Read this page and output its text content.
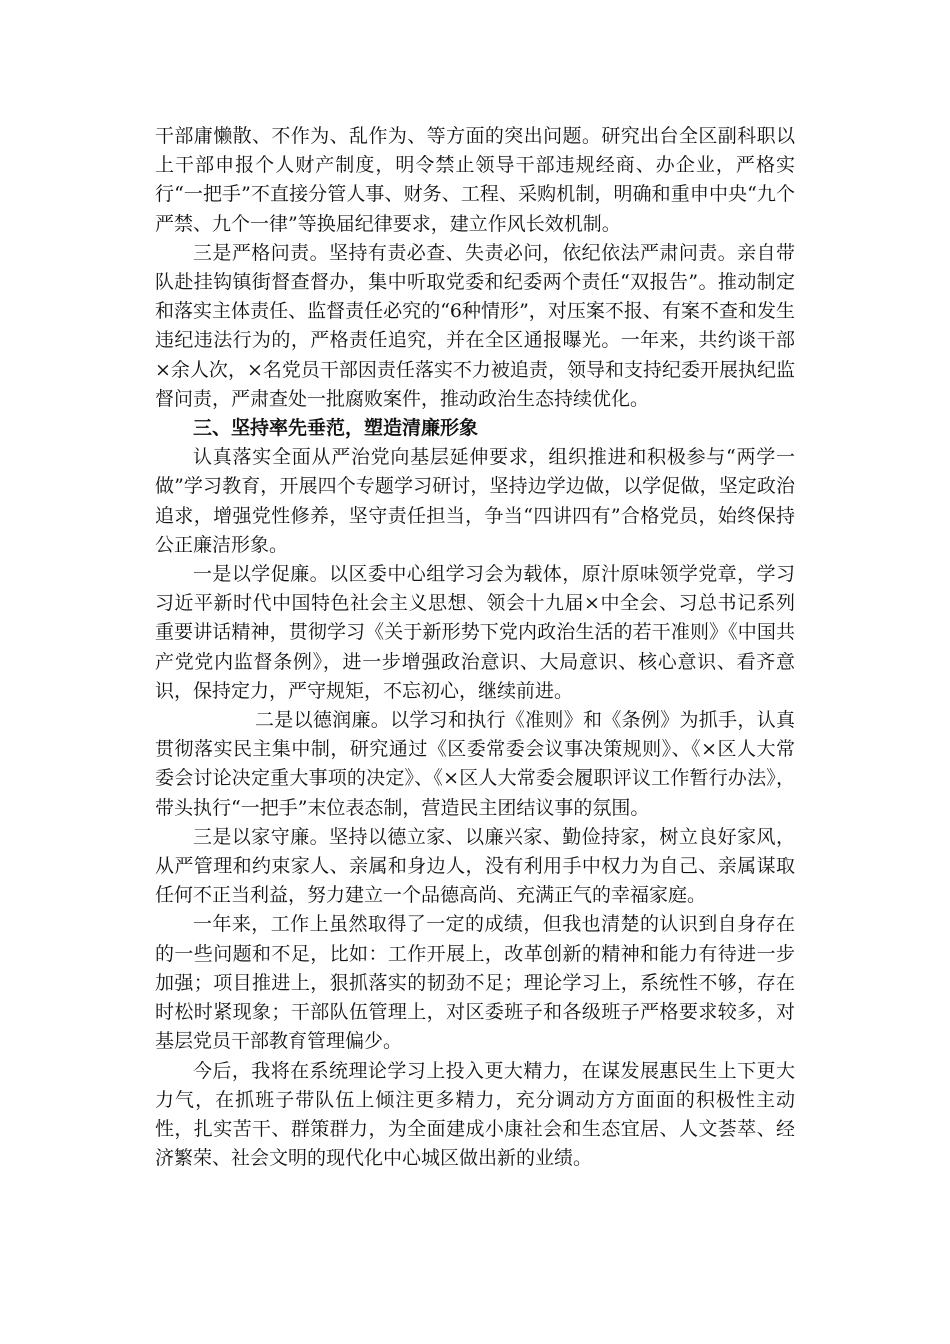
干部庸懒散、不作为、乱作为、等方面的突出问题。研究出台全区副科职以上干部申报个人财产制度，明令禁止领导干部违规经商、办企业，严格实行“一把手”不直接分管人事、财务、工程、采购机制，明确和重申中央“九个严禁、九个一律”等换届纪律要求，建立作风长效机制。

三是严格问责。坚持有责必查、失责必问，依纪依法严肃问责。亲自带队赴挂钩镇街督查督办，集中听取党委和纪委两个责任“双报告”。推动制定和落实主体责任、监督责任必究的“6种情形”，对压案不报、有案不查和发生违纪违法行为的，严格责任追究，并在全区通报曝光。一年来，共约谈干部×余人次，×名党员干部因责任落实不力被追责，领导和支持纪委开展执纪监督问责，严肃查处一批腐败案件，推动政治生态持续优化。

三、坚持率先垂范，塑造清廉形象

认真落实全面从严治党向基层延伸要求，组织推进和积极参与“两学一做”学习教育，开展四个专题学习研讨，坚持边学边做，以学促做，坚定政治追求，增强党性修养，坚守责任担当，争当“四讲四有”合格党员，始终保持公正廉洁形象。

一是以学促廉。以区委中心组学习会为载体，原汁原味领学党章，学习习近平新时代中国特色社会主义思想、领会十九届×中全会、习总书记系列重要讲话精神，贯彻学习《关于新形势下党内政治生活的若干准则》《中国共产党党内监督条例》，进一步增强政治意识、大局意识、核心意识、看齐意识，保持定力，严守规矩，不忘初心，继续前进。

二是以德润廉。以学习和执行《准则》和《条例》为抓手，认真贯彻落实民主集中制，研究通过《区委常委会议事决策规则》、《×区人大常委会讨论决定重大事项的决定》、《×区人大常委会履职评议工作暂行办法》，带头执行“一把手”末位表态制，营造民主团结议事的氛围。

三是以家守廉。坚持以德立家、以廉兴家、勤俭持家，树立良好家风，从严管理和约束家人、亲属和身边人，没有利用手中权力为自己、亲属谋取任何不正当利益，努力建立一个品德高尚、充满正气的幸福家庭。

一年来，工作上虽然取得了一定的成绩，但我也清楚的认识到自身存在的一些问题和不足，比如：工作开展上，改革创新的精神和能力有待进一步加强；项目推进上，狠抓落实的韧劲不足；理论学习上，系统性不够，存在时松时紧现象；干部队伍管理上，对区委班子和各级班子严格要求较多，对基层党员干部教育管理偏少。

今后，我将在系统理论学习上投入更大精力，在谋发展惠民生上下更大力气，在抓班子带队伍上倾注更多精力，充分调动方方面面的积极性主动性，扎实苦干、群策群力，为全面建成小康社会和生态宜居、人文荟萃、经济繁荣、社会文明的现代化中心城区做出新的业绩。
